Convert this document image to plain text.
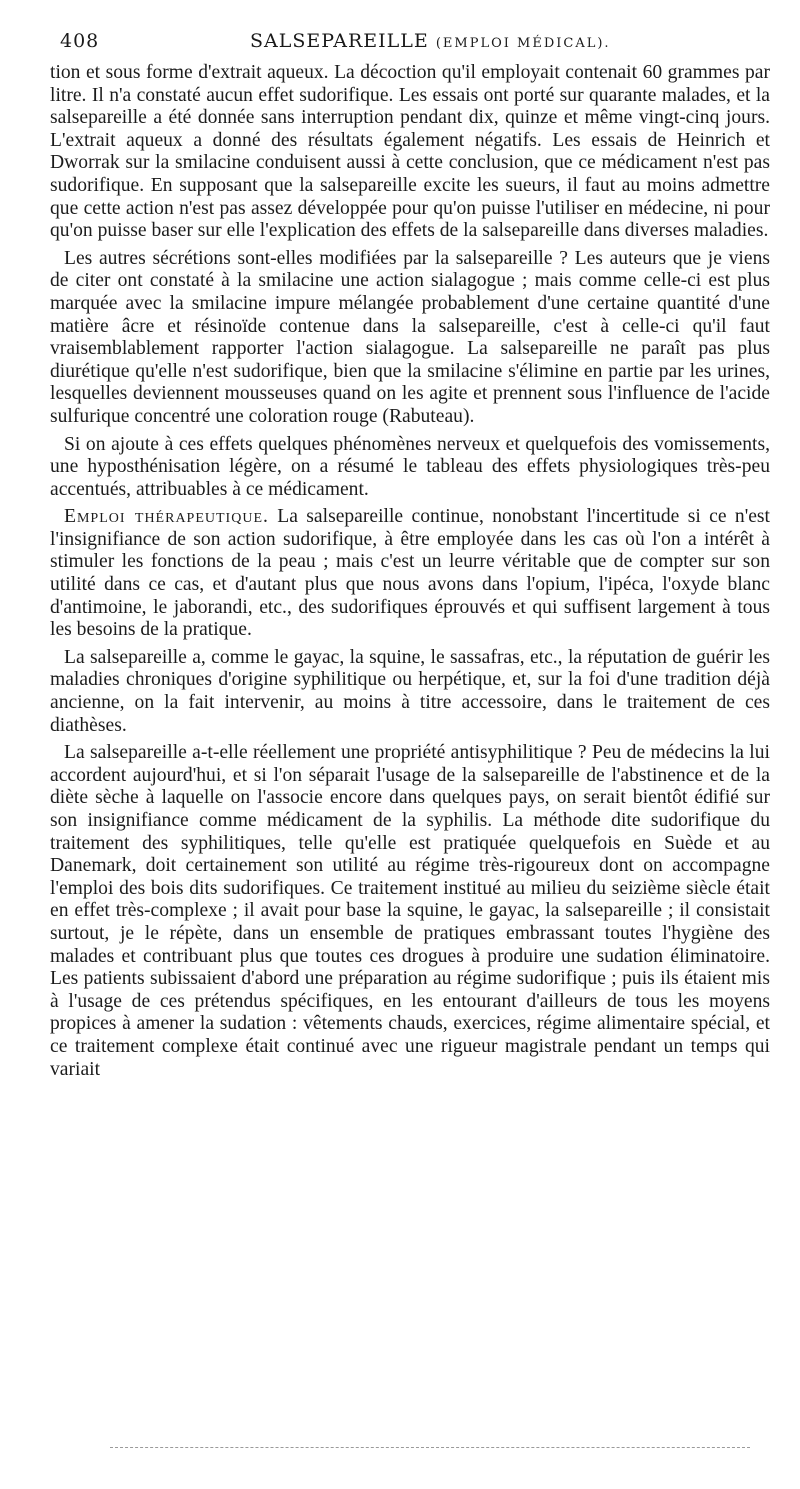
408	SALSEPAREILLE (EMPLOI MÉDICAL).

tion et sous forme d'extrait aqueux. La décoction qu'il employait contenait 60 grammes par litre. Il n'a constaté aucun effet sudorifique. Les essais ont porté sur quarante malades, et la salsepareille a été donnée sans interruption pendant dix, quinze et même vingt-cinq jours. L'extrait aqueux a donné des résultats également négatifs. Les essais de Heinrich et Dworrak sur la smilacine conduisent aussi à cette conclusion, que ce médicament n'est pas sudorifique. En supposant que la salsepareille excite les sueurs, il faut au moins admettre que cette action n'est pas assez développée pour qu'on puisse l'utiliser en médecine, ni pour qu'on puisse baser sur elle l'explication des effets de la salsepareille dans diverses maladies.

Les autres sécrétions sont-elles modifiées par la salsepareille ? Les auteurs que je viens de citer ont constaté à la smilacine une action sialagogue ; mais comme celle-ci est plus marquée avec la smilacine impure mélangée probablement d'une certaine quantité d'une matière âcre et résinoïde contenue dans la salsepareille, c'est à celle-ci qu'il faut vraisemblablement rapporter l'action sialagogue. La salsepareille ne paraît pas plus diurétique qu'elle n'est sudorifique, bien que la smilacine s'élimine en partie par les urines, lesquelles deviennent mousseuses quand on les agite et prennent sous l'influence de l'acide sulfurique concentré une coloration rouge (Rabuteau).

Si on ajoute à ces effets quelques phénomènes nerveux et quelquefois des vomissements, une hyposthénisation légère, on a résumé le tableau des effets physiologiques très-peu accentués, attribuables à ce médicament.

Emploi thérapeutique. La salsepareille continue, nonobstant l'incertitude si ce n'est l'insignifiance de son action sudorifique, à être employée dans les cas où l'on a intérêt à stimuler les fonctions de la peau ; mais c'est un leurre véritable que de compter sur son utilité dans ce cas, et d'autant plus que nous avons dans l'opium, l'ipéca, l'oxyde blanc d'antimoine, le jaborandi, etc., des sudorifiques éprouvés et qui suffisent largement à tous les besoins de la pratique.

La salsepareille a, comme le gayac, la squine, le sassafras, etc., la réputation de guérir les maladies chroniques d'origine syphilitique ou herpétique, et, sur la foi d'une tradition déjà ancienne, on la fait intervenir, au moins à titre accessoire, dans le traitement de ces diathèses.

La salsepareille a-t-elle réellement une propriété antisyphilitique ? Peu de médecins la lui accordent aujourd'hui, et si l'on séparait l'usage de la salsepareille de l'abstinence et de la diète sèche à laquelle on l'associe encore dans quelques pays, on serait bientôt édifié sur son insignifiance comme médicament de la syphilis. La méthode dite sudorifique du traitement des syphilitiques, telle qu'elle est pratiquée quelquefois en Suède et au Danemark, doit certainement son utilité au régime très-rigoureux dont on accompagne l'emploi des bois dits sudorifiques. Ce traitement institué au milieu du seizième siècle était en effet très-complexe ; il avait pour base la squine, le gayac, la salsepareille ; il consistait surtout, je le répète, dans un ensemble de pratiques embrassant toutes l'hygiène des malades et contribuant plus que toutes ces drogues à produire une sudation éliminatoire. Les patients subissaient d'abord une préparation au régime sudorifique ; puis ils étaient mis à l'usage de ces prétendus spécifiques, en les entourant d'ailleurs de tous les moyens propices à amener la sudation : vêtements chauds, exercices, régime alimentaire spécial, et ce traitement complexe était continué avec une rigueur magistrale pendant un temps qui variait
